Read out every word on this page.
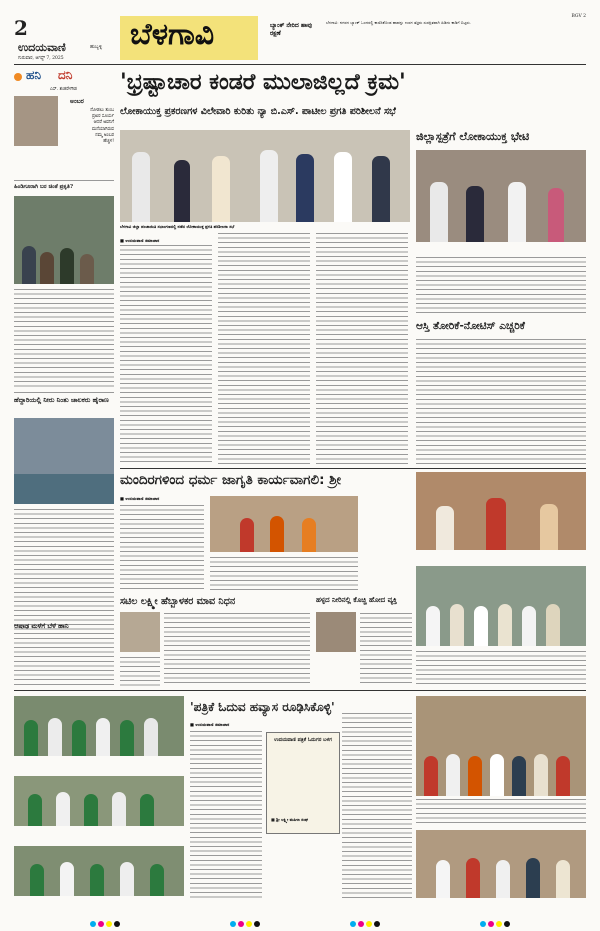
2
ಉದಯವಾಣಿ	ಹುಬ್ಬಳ್ಳಿ
ಗುರುವಾರ, ಆಗಸ್ಟ್ 7, 2025
ಬೆಳಗಾವಿ
BGV 2
ಬ್ಯಾಂಕ್ ನೇರಿದ ಹಾವು ರಕ್ಷಣೆ
ಬೆಳಗಾವಿ: ನಗರದ ಬ್ಯಾಂಕ್ ಒಂದರಲ್ಲಿ ಕಾಣಿಸಿಕೊಂಡ ಹಾವನ್ನು ಉರಗ ತಜ್ಞರು ಸುರಕ್ಷಿತವಾಗಿ ಹಿಡಿದು ಕಾಡಿಗೆ ಬಿಟ್ಟರು.
ಹನಿ ದನಿ
ಎಸ್. ಶಂಕರೇಗೌಡ
ಅಂಬರ
ನೋಡಲು ತುಂಬ
ಪ್ರಖರ ಸೂರ್ಯ
ಆದರೆ ಅವನಿಗೆ
ಮನೆಯಾಗಿರುವ
ನಮ್ಮ ಅಂಬರ
ಹೆಚ್ಚಳ!
ಹಿಂಡಿಗೂರಾಗಿ ಬರ ಚಿಂತೆ ಪ್ರಕೃತಿ?
ಹೆದ್ದಾರಿಯಲ್ಲಿ ನೀರು ನಿಂತು ಚಾಲಕರು ಹೈರಾಣ
'ಭ್ರಷ್ಟಾಚಾರ ಕಂಡರೆ ಮುಲಾಜಿಲ್ಲದೆ ಕ್ರಮ'
ಲೋಕಾಯುಕ್ತ ಪ್ರಕರಣಗಳ ವಿಲೇವಾರಿ ಕುರಿತು ನ್ಯಾ ಬಿ.ಎಸ್. ಪಾಟೀಲ ಪ್ರಗತಿ ಪರಿಶೀಲನೆ ಸಭೆ
ಬೆಳಗಾವಿ ಜಿಲ್ಲಾ ಪಂಚಾಯಿತಿ ಸಭಾಂಗಣದಲ್ಲಿ ನಡೆದ ಲೋಕಾಯುಕ್ತ ಪ್ರಗತಿ ಪರಿಶೀಲನಾ ಸಭೆ
■ ಉದಯವಾಣಿ ಸಮಾಚಾರ
ಜಿಲ್ಲಾಸ್ಪತ್ರೆಗೆ ಲೋಕಾಯುಕ್ತ ಭೇಟಿ
ಆಸ್ತಿ ತೋರಿಕೆ-ನೋಟಿಸ್ ಎಚ್ಚರಿಕೆ
ಮಂದಿರಗಳಿಂದ ಧರ್ಮ ಜಾಗೃತಿ ಕಾರ್ಯವಾಗಲಿ: ಶ್ರೀ
■ ಉದಯವಾಣಿ ಸಮಾಚಾರ
ಸಟಿಲ ಲಕ್ಷ್ಮೀ ಹೆಬ್ಬಾಳಕರ ಮಾವ ನಿಧನ	ಹಳ್ಳದ ನೀರಿನಲ್ಲಿ ಕೊಚ್ಚಿ ಹೋದ ವ್ಯಕ್ತಿ
ಆಷಾಢ ಮಳೆಗೆ ಬೆಳೆ ಹಾನಿ
'ಪತ್ರಿಕೆ ಓದುವ ಹವ್ಯಾಸ ರೂಢಿಸಿಕೊಳ್ಳಿ'
■ ಉದಯವಾಣಿ ಸಮಾಚಾರ
ಉದಯವಾಣಿ ಪತ್ರಿಕೆ ಓದುಗರ ಬಳಗ
■ ಶ್ರೀ ಲಕ್ಷ್ಮೀ ಮಹಿಳಾ ಸಂಘ
